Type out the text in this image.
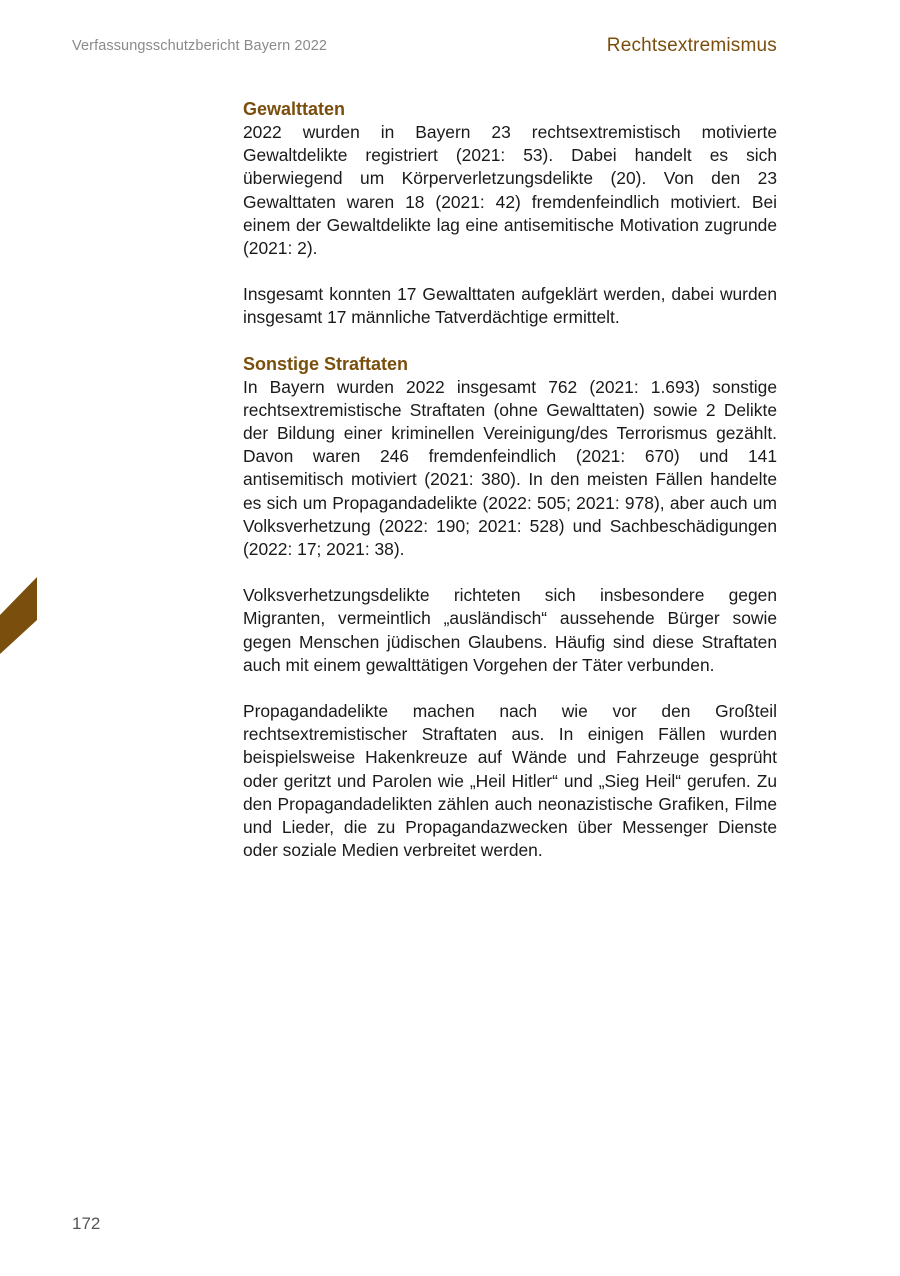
Verfassungsschutzbericht Bayern 2022	Rechtsextremismus
Gewalttaten

2022 wurden in Bayern 23 rechtsextremistisch motivierte Gewaltdelikte registriert (2021: 53). Dabei handelt es sich überwiegend um Körperverletzungsdelikte (20). Von den 23 Gewalttaten waren 18 (2021: 42) fremdenfeindlich motiviert. Bei einem der Gewaltdelikte lag eine antisemitische Motivation zugrunde (2021: 2).

Insgesamt konnten 17 Gewalttaten aufgeklärt werden, dabei wurden insgesamt 17 männliche Tatverdächtige ermittelt.

Sonstige Straftaten

In Bayern wurden 2022 insgesamt 762 (2021: 1.693) sonstige rechtsextremistische Straftaten (ohne Gewalttaten) sowie 2 Delikte der Bildung einer kriminellen Vereinigung/des Terrorismus gezählt. Davon waren 246 fremdenfeindlich (2021: 670) und 141 antisemitisch motiviert (2021: 380). In den meisten Fällen handelte es sich um Propagandadelikte (2022: 505; 2021: 978), aber auch um Volksverhetzung (2022: 190; 2021: 528) und Sachbeschädigungen (2022: 17; 2021: 38).

Volksverhetzungsdelikte richteten sich insbesondere gegen Migranten, vermeintlich „ausländisch“ aussehende Bürger sowie gegen Menschen jüdischen Glaubens. Häufig sind diese Straftaten auch mit einem gewalttätigen Vorgehen der Täter verbunden.

Propagandadelikte machen nach wie vor den Großteil rechtsextremistischer Straftaten aus. In einigen Fällen wurden beispielsweise Hakenkreuze auf Wände und Fahrzeuge gesprüht oder geritzt und Parolen wie „Heil Hitler“ und „Sieg Heil“ gerufen. Zu den Propagandadelikten zählen auch neonazistische Grafiken, Filme und Lieder, die zu Propagandazwecken über Messenger Dienste oder soziale Medien verbreitet werden.

172
